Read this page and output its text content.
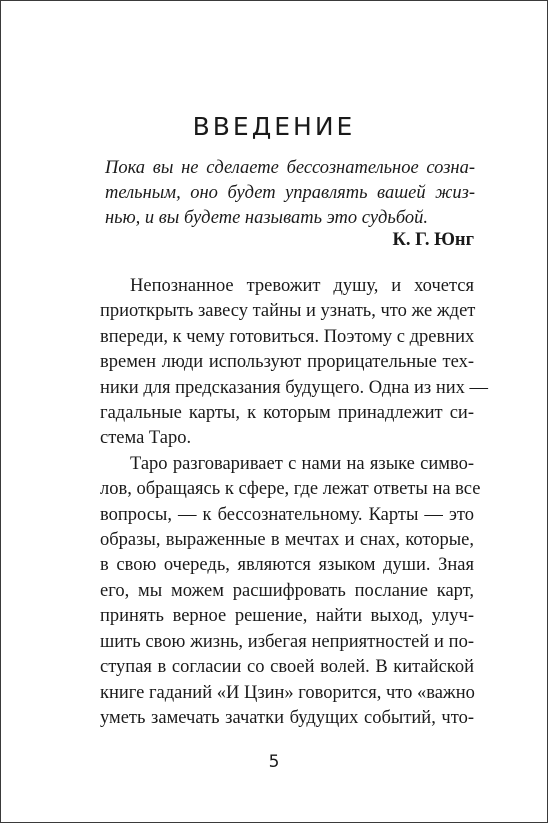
ВВЕДЕНИЕ
Пока вы не сделаете бессознательное созна-
тельным, оно будет управлять вашей жиз-
нью, и вы будете называть это судьбой.
К. Г. Юнг
Непознанное тревожит душу, и хочется
приоткрыть завесу тайны и узнать, что же ждет
впереди, к чему готовиться. Поэтому с древних
времен люди используют прорицательные тех-
ники для предсказания будущего. Одна из них —
гадальные карты, к которым принадлежит си-
стема Таро.
Таро разговаривает с нами на языке симво-
лов, обращаясь к сфере, где лежат ответы на все
вопросы, — к бессознательному. Карты — это
образы, выраженные в мечтах и снах, которые,
в свою очередь, являются языком души. Зная
его, мы можем расшифровать послание карт,
принять верное решение, найти выход, улуч-
шить свою жизнь, избегая неприятностей и по-
ступая в согласии со своей волей. В китайской
книге гаданий «И Цзин» говорится, что «важно
уметь замечать зачатки будущих событий, что-
5
